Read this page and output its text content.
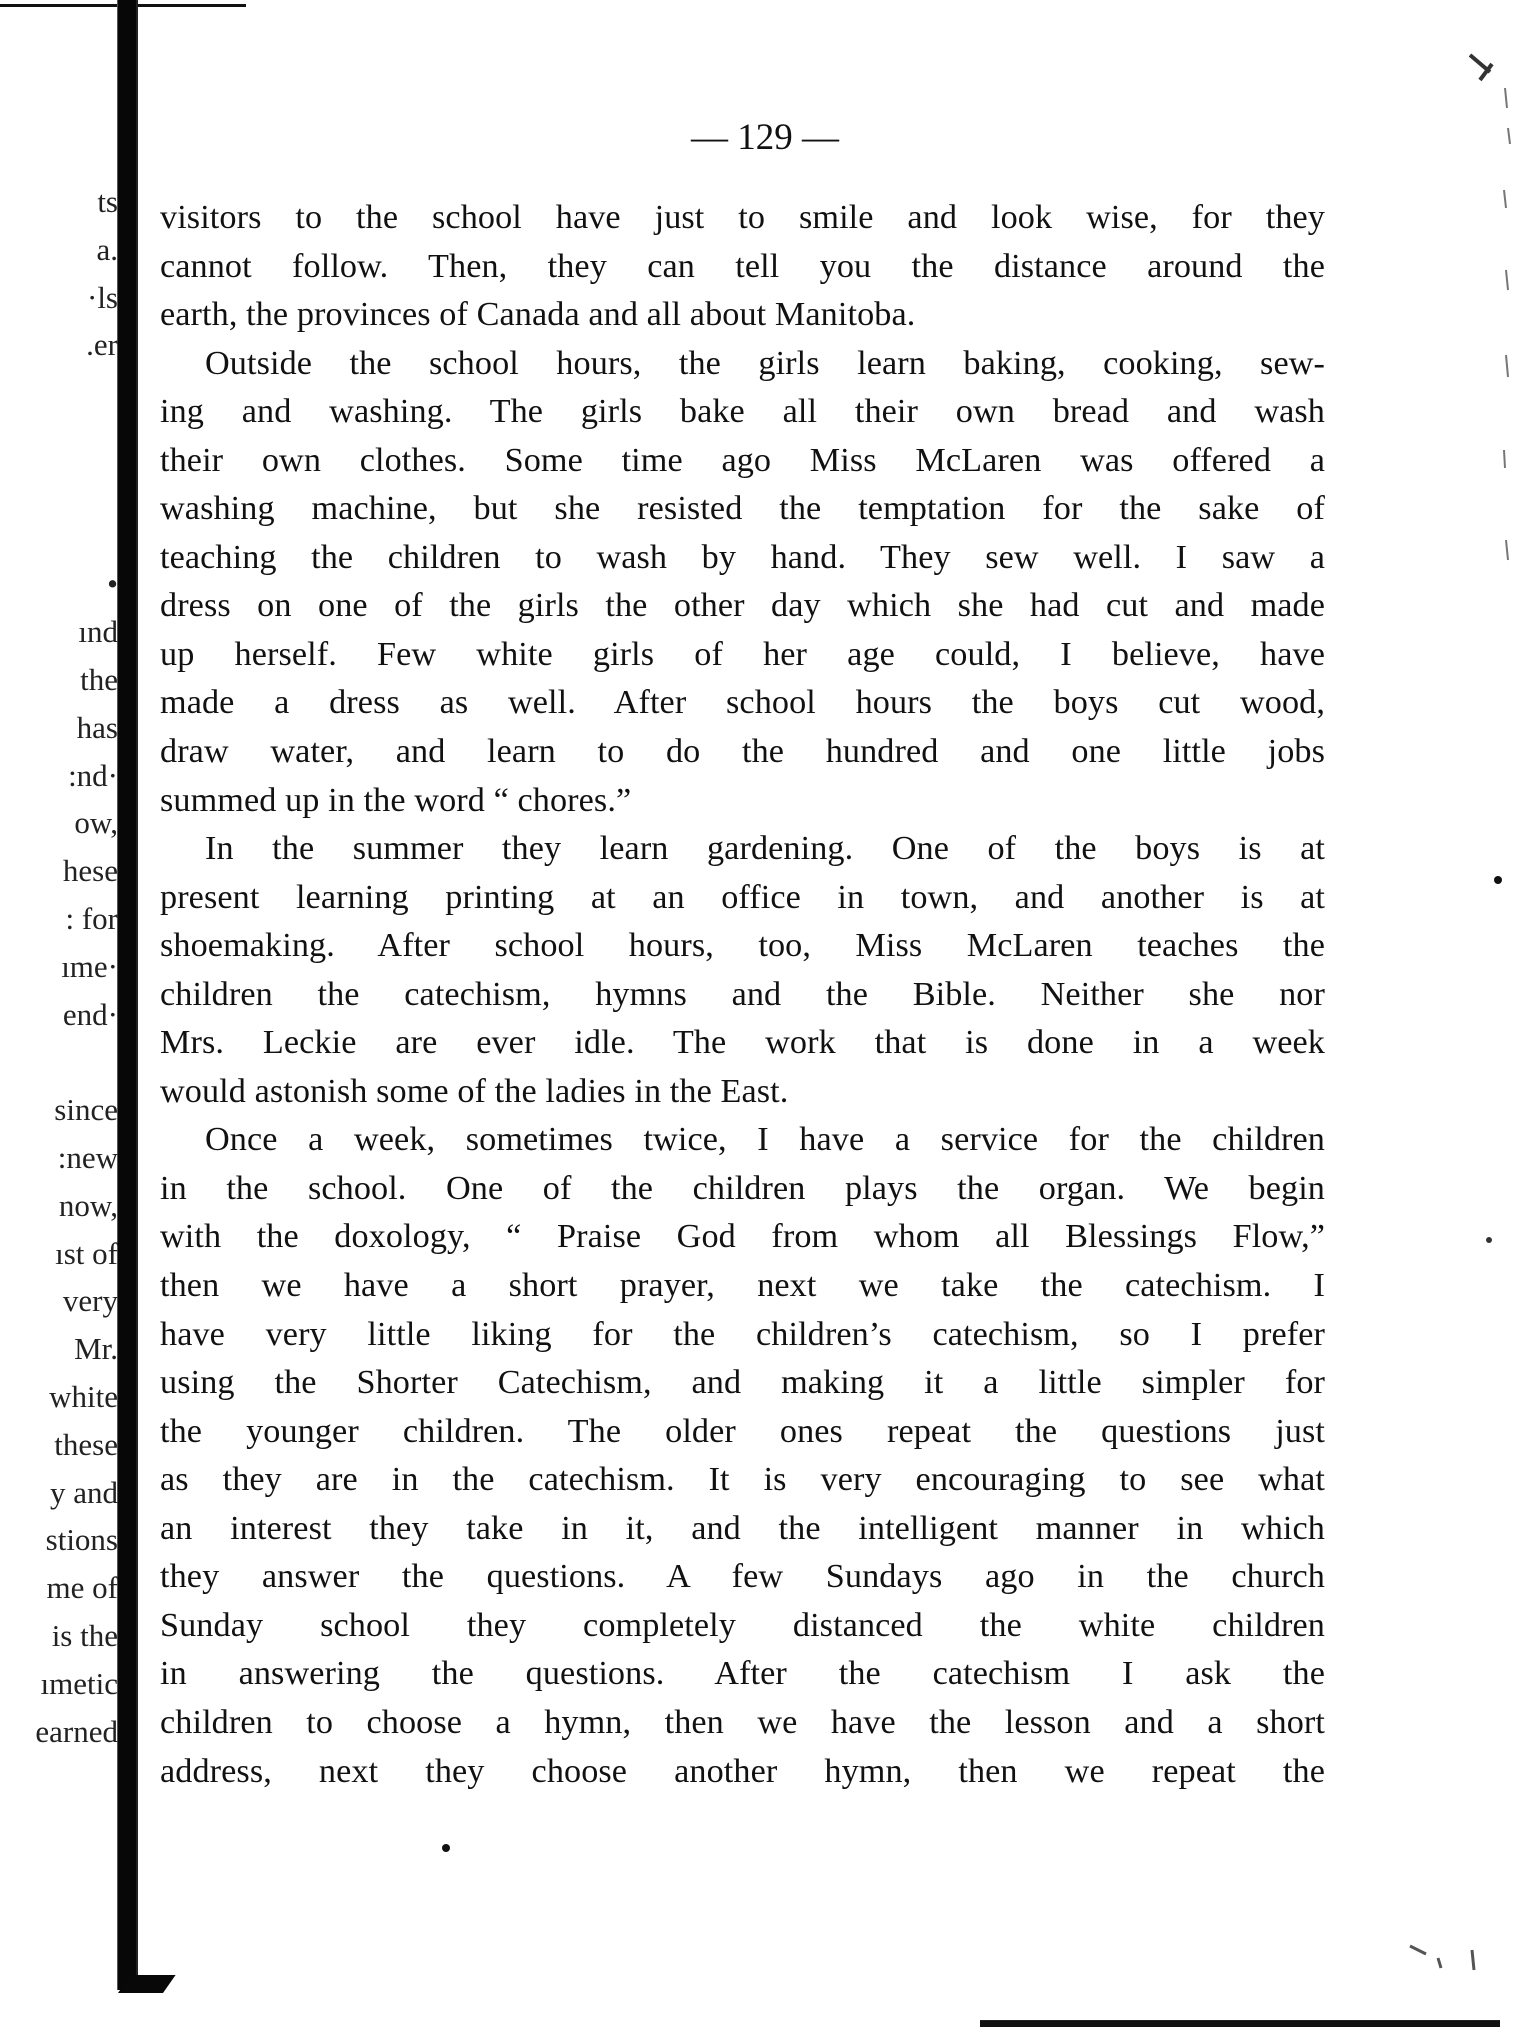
ts
a.
·ls
.er
•
ınd
the
has
:nd·
ow,
hese
: for
ıme·
end·
since
:new
now,
ıst of
very
Mr.
white
these
y and
stions
me of
is the
ımetic
earned
— 129 —
visitors to the school have just to smile and look wise, for they
cannot follow. Then, they can tell you the distance around the
earth, the provinces of Canada and all about Manitoba.
Outside the school hours, the girls learn baking, cooking, sew-
ing and washing. The girls bake all their own bread and wash
their own clothes. Some time ago Miss McLaren was offered a
washing machine, but she resisted the temptation for the sake of
teaching the children to wash by hand. They sew well. I saw a
dress on one of the girls the other day which she had cut and made
up herself. Few white girls of her age could, I believe, have
made a dress as well. After school hours the boys cut wood,
draw water, and learn to do the hundred and one little jobs
summed up in the word “ chores.”
In the summer they learn gardening. One of the boys is at
present learning printing at an office in town, and another is at
shoemaking. After school hours, too, Miss McLaren teaches the
children the catechism, hymns and the Bible. Neither she nor
Mrs. Leckie are ever idle. The work that is done in a week
would astonish some of the ladies in the East.
Once a week, sometimes twice, I have a service for the children
in the school. One of the children plays the organ. We begin
with the doxology, “ Praise God from whom all Blessings Flow,”
then we have a short prayer, next we take the catechism. I
have very little liking for the children’s catechism, so I prefer
using the Shorter Catechism, and making it a little simpler for
the younger children. The older ones repeat the questions just
as they are in the catechism. It is very encouraging to see what
an interest they take in it, and the intelligent manner in which
they answer the questions. A few Sundays ago in the church
Sunday school they completely distanced the white children
in answering the questions. After the catechism I ask the
children to choose a hymn, then we have the lesson and a short
address, next they choose another hymn, then we repeat the
